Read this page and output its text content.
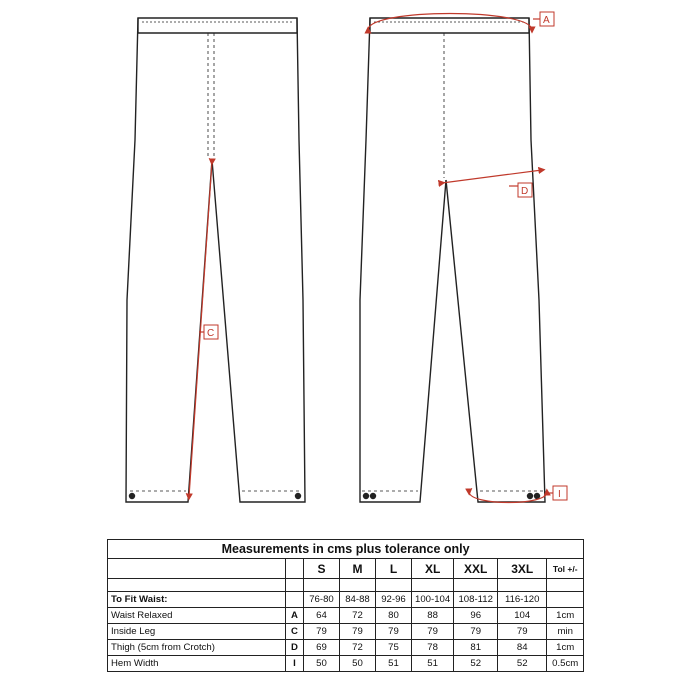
A
C
D
I
Measurements in cms plus tolerance only								
		S	M	L	XL	XXL	3XL	Tol +/-

To Fit Waist:		76-80	84-88	92-96	100-104	108-112	116-120	
Waist Relaxed	A	64	72	80	88	96	104	1cm
Inside Leg	C	79	79	79	79	79	79	min
Thigh (5cm from Crotch)	D	69	72	75	78	81	84	1cm
Hem Width	I	50	50	51	51	52	52	0.5cm
